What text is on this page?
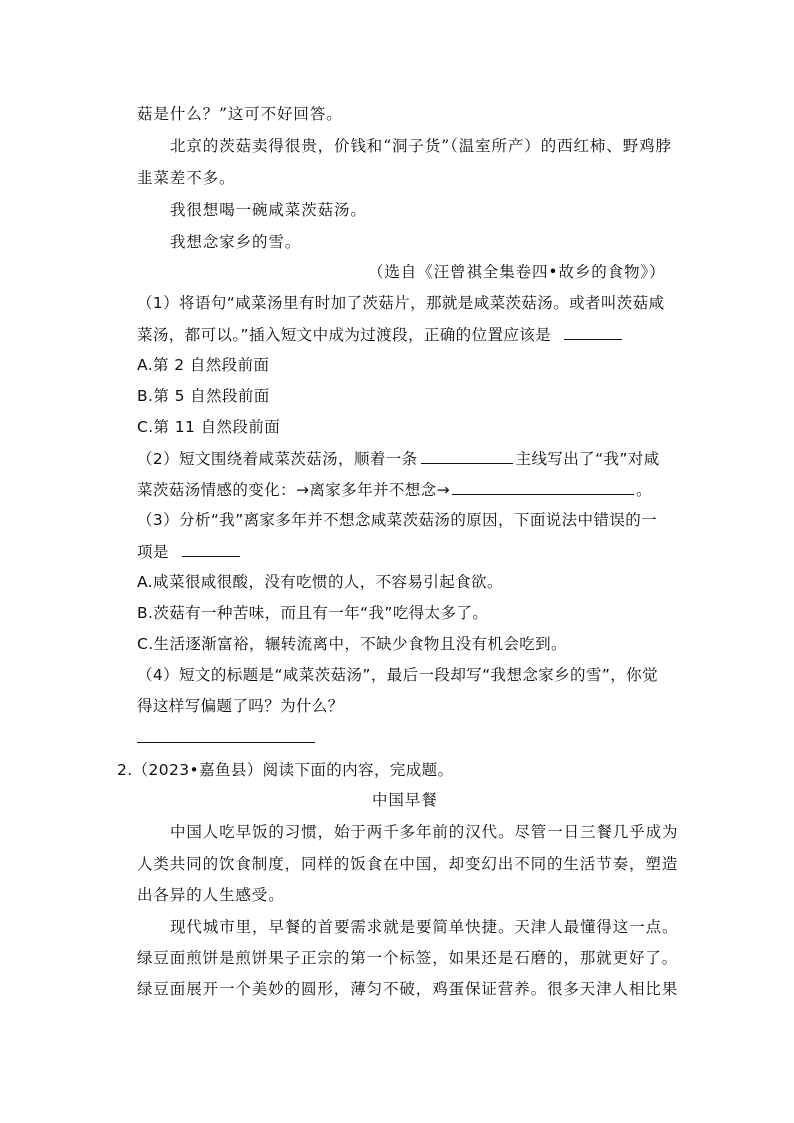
菇是什么？”这可不好回答。
北京的茨菇卖得很贵，价钱和“洞子货”（温室所产）的西红柿、野鸡脖
韭菜差不多。
我很想喝一碗咸菜茨菇汤。
我想念家乡的雪。
（选自《汪曾祺全集卷四•故乡的食物》）
（1）将语句“咸菜汤里有时加了茨菇片，那就是咸菜茨菇汤。或者叫茨菇咸
菜汤，都可以。”插入短文中成为过渡段，正确的位置应该是
A.第 2 自然段前面
B.第 5 自然段前面
C.第 11 自然段前面
（2）短文围绕着咸菜茨菇汤，顺着一条	主线写出了“我”对咸
菜茨菇汤情感的变化：→离家多年并不想念→	。
（3）分析“我”离家多年并不想念咸菜茨菇汤的原因，下面说法中错误的一
项是
A.咸菜很咸很酸，没有吃惯的人，不容易引起食欲。
B.茨菇有一种苦味，而且有一年“我”吃得太多了。
C.生活逐渐富裕，辗转流离中，不缺少食物且没有机会吃到。
（4）短文的标题是“咸菜茨菇汤”，最后一段却写“我想念家乡的雪”，你觉
得这样写偏题了吗？为什么？
2.（2023•嘉鱼县）阅读下面的内容，完成题。
中国早餐
中国人吃早饭的习惯，始于两千多年前的汉代。尽管一日三餐几乎成为
人类共同的饮食制度，同样的饭食在中国，却变幻出不同的生活节奏，塑造
出各异的人生感受。
现代城市里，早餐的首要需求就是要简单快捷。天津人最懂得这一点。
绿豆面煎饼是煎饼果子正宗的第一个标签，如果还是石磨的，那就更好了。
绿豆面展开一个美妙的圆形，薄匀不破，鸡蛋保证营养。很多天津人相比果
